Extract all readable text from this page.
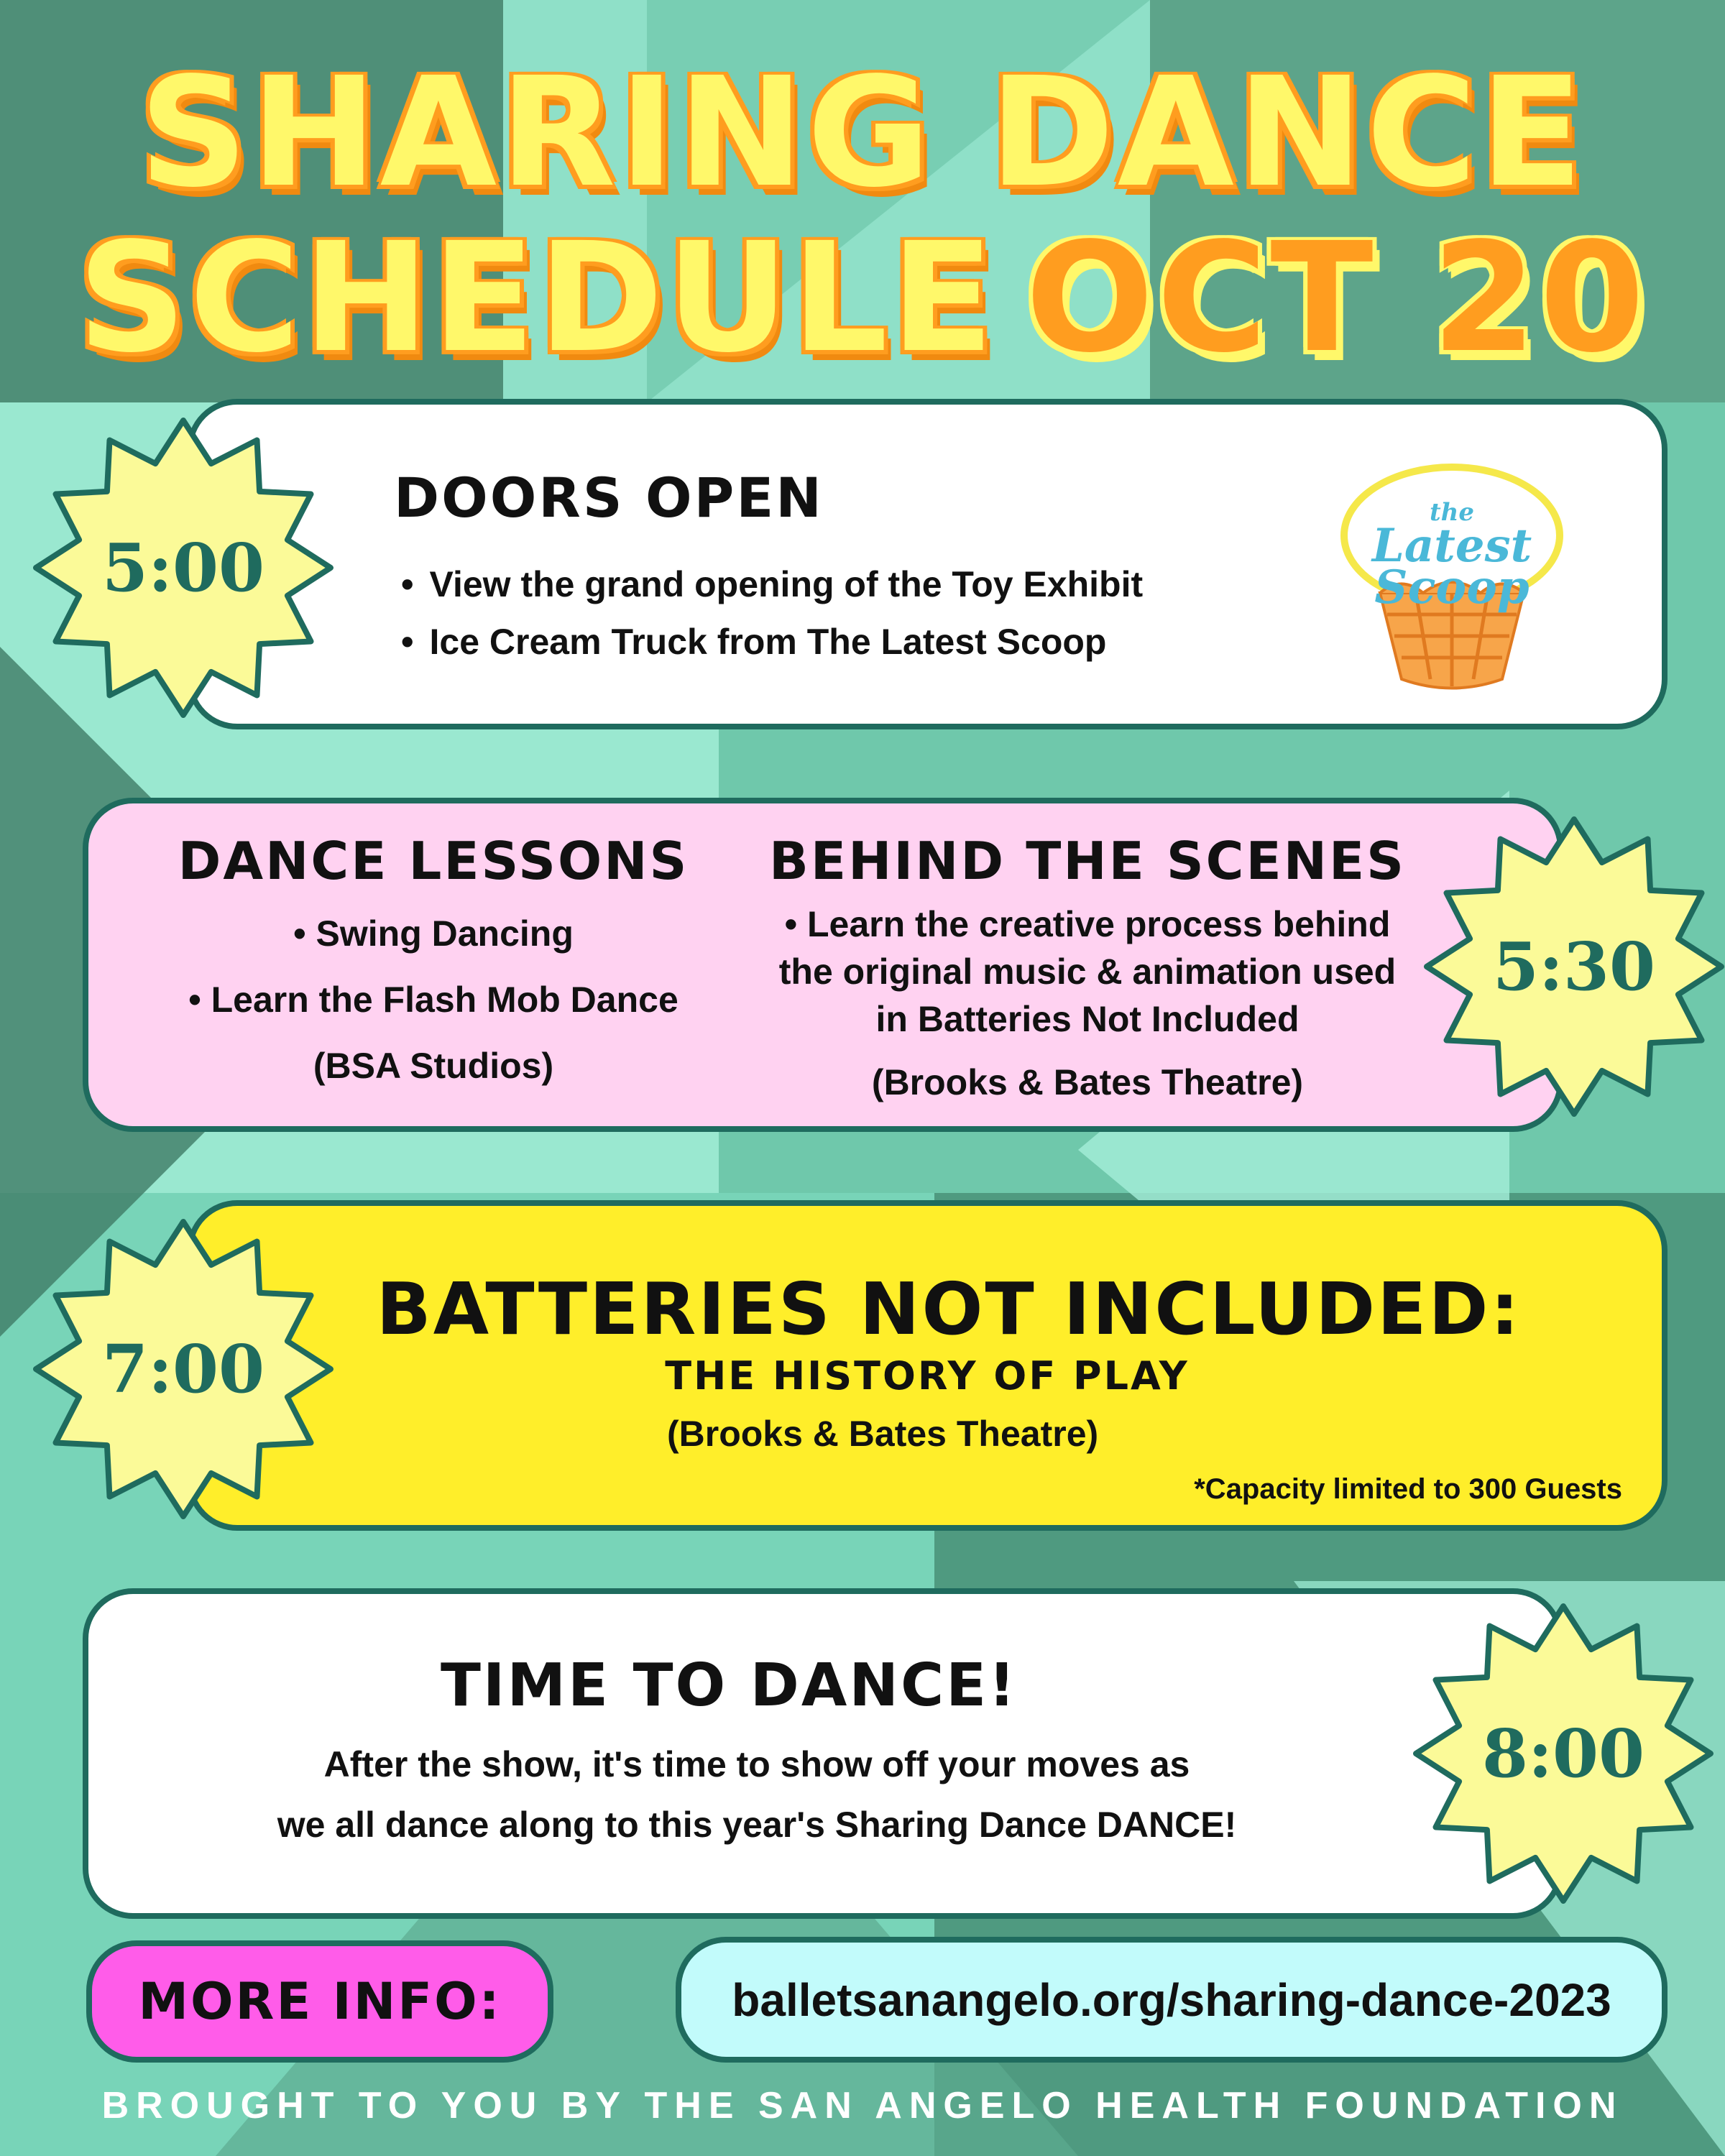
SHARING DANCE
SCHEDULE OCT 20
DOORS OPEN
• View the grand opening of the Toy Exhibit
• Ice Cream Truck from The Latest Scoop
the
Latest
Scoop
DANCE LESSONS
• Swing Dancing
• Learn the Flash Mob Dance
(BSA Studios)
BEHIND THE SCENES
• Learn the creative process behind
the original music & animation used
in Batteries Not Included
(Brooks & Bates Theatre)
BATTERIES NOT INCLUDED:
THE HISTORY OF PLAY
(Brooks & Bates Theatre)
*Capacity limited to 300 Guests
TIME TO DANCE!
After the show, it's time to show off your moves as
we all dance along to this year's Sharing Dance DANCE!
5:00
5:30
7:00
8:00
MORE INFO:	balletsanangelo.org/sharing-dance-2023
BROUGHT TO YOU BY THE SAN ANGELO HEALTH FOUNDATION
